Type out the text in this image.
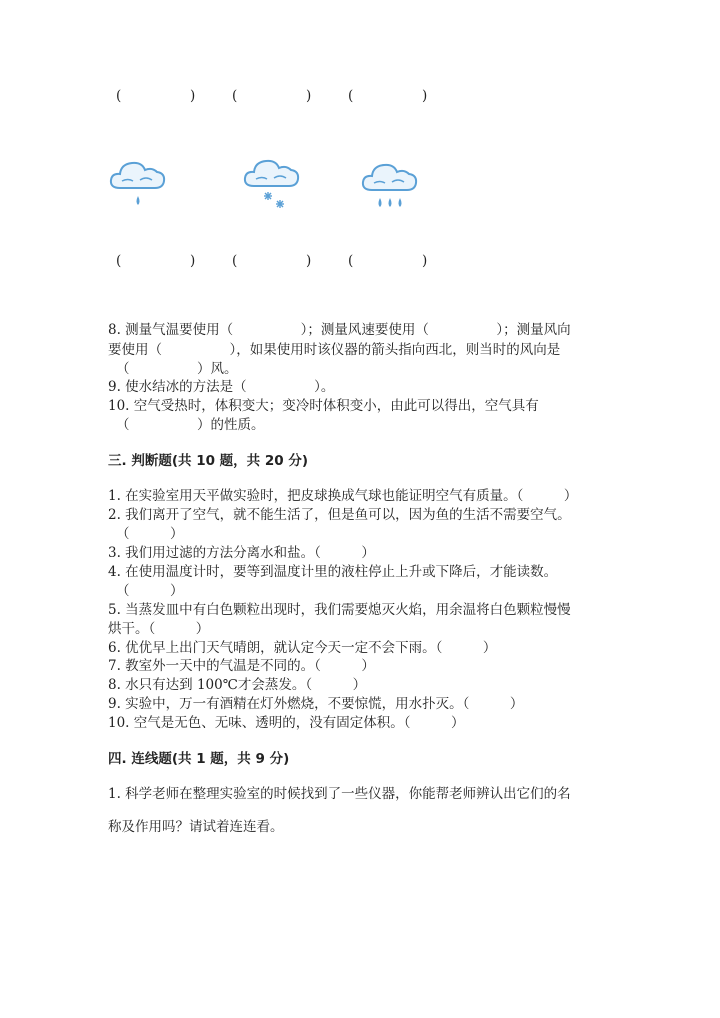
(	)	(	)	(	)
(	)	(	)	(	)
8. 测量气温要使用（　　　　　）；测量风速要使用（　　　　　）；测量风向
要使用（　　　　　），如果使用时该仪器的箭头指向西北，则当时的风向是
（　　　　　）风。
9. 使水结冰的方法是（　　　　　）。
10. 空气受热时，体积变大；变冷时体积变小，由此可以得出，空气具有
（　　　　　）的性质。
三. 判断题(共 10 题，共 20 分)
1. 在实验室用天平做实验时，把皮球换成气球也能证明空气有质量。（　　　）
2. 我们离开了空气，就不能生活了，但是鱼可以，因为鱼的生活不需要空气。
（　　　）
3. 我们用过滤的方法分离水和盐。（　　　）
4. 在使用温度计时，要等到温度计里的液柱停止上升或下降后，才能读数。
（　　　）
5. 当蒸发皿中有白色颗粒出现时，我们需要熄灭火焰，用余温将白色颗粒慢慢
烘干。（　　　）
6. 优优早上出门天气晴朗，就认定今天一定不会下雨。（　　　）
7. 教室外一天中的气温是不同的。（　　　）
8. 水只有达到 100℃才会蒸发。（　　　）
9. 实验中，万一有酒精在灯外燃烧，不要惊慌，用水扑灭。（　　　）
10. 空气是无色、无味、透明的，没有固定体积。（　　　）
四. 连线题(共 1 题，共 9 分)
1. 科学老师在整理实验室的时候找到了一些仪器，你能帮老师辨认出它们的名
称及作用吗？请试着连连看。
